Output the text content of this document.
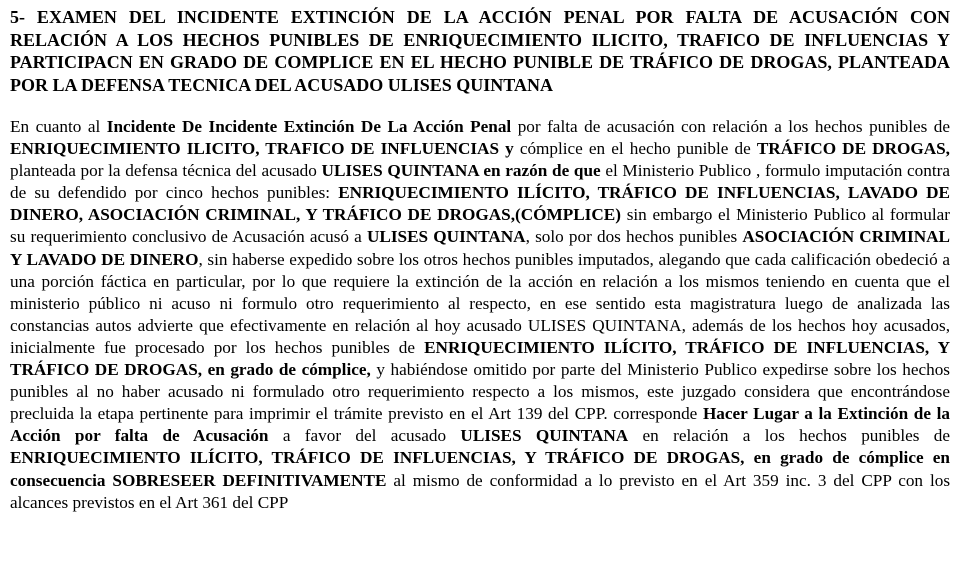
5- EXAMEN DEL INCIDENTE EXTINCIÓN DE LA ACCIÓN PENAL POR FALTA DE ACUSACIÓN CON RELACIÓN A LOS HECHOS PUNIBLES DE ENRIQUECIMIENTO ILICITO, TRAFICO DE INFLUENCIAS Y PARTICIPACN EN GRADO DE COMPLICE EN EL HECHO PUNIBLE DE TRÁFICO DE DROGAS, PLANTEADA POR LA DEFENSA TECNICA DEL ACUSADO ULISES QUINTANA

En cuanto al Incidente De Incidente Extinción De La Acción Penal por falta de acusación con relación a los hechos punibles de ENRIQUECIMIENTO ILICITO, TRAFICO DE INFLUENCIAS y cómplice en el hecho punible de TRÁFICO DE DROGAS, planteada por la defensa técnica del acusado ULISES QUINTANA en razón de que el Ministerio Publico , formulo imputación contra de su defendido por cinco hechos punibles: ENRIQUECIMIENTO ILÍCITO, TRÁFICO DE INFLUENCIAS, LAVADO DE DINERO, ASOCIACIÓN CRIMINAL, Y TRÁFICO DE DROGAS,(CÓMPLICE) sin embargo el Ministerio Publico al formular su requerimiento conclusivo de Acusación acusó a ULISES QUINTANA, solo por dos hechos punibles ASOCIACIÓN CRIMINAL Y LAVADO DE DINERO, sin haberse expedido sobre los otros hechos punibles imputados, alegando que cada calificación obedeció a una porción fáctica en particular, por lo que requiere la extinción de la acción en relación a los mismos teniendo en cuenta que el ministerio público ni acuso ni formulo otro requerimiento al respecto, en ese sentido esta magistratura luego de analizada las constancias autos advierte que efectivamente en relación al hoy acusado ULISES QUINTANA, además de los hechos hoy acusados, inicialmente fue procesado por los hechos punibles de ENRIQUECIMIENTO ILÍCITO, TRÁFICO DE INFLUENCIAS, Y TRÁFICO DE DROGAS, en grado de cómplice, y habiéndose omitido por parte del Ministerio Publico expedirse sobre los hechos punibles al no haber acusado ni formulado otro requerimiento respecto a los mismos, este juzgado considera que encontrándose precluida la etapa pertinente para imprimir el trámite previsto en el Art 139 del CPP. corresponde Hacer Lugar a la Extinción de la Acción por falta de Acusación a favor del acusado ULISES QUINTANA en relación a los hechos punibles de ENRIQUECIMIENTO ILÍCITO, TRÁFICO DE INFLUENCIAS, Y TRÁFICO DE DROGAS, en grado de cómplice en consecuencia SOBRESEER DEFINITIVAMENTE al mismo de conformidad a lo previsto en el Art 359 inc. 3 del CPP con los alcances previstos en el Art 361 del CPP
